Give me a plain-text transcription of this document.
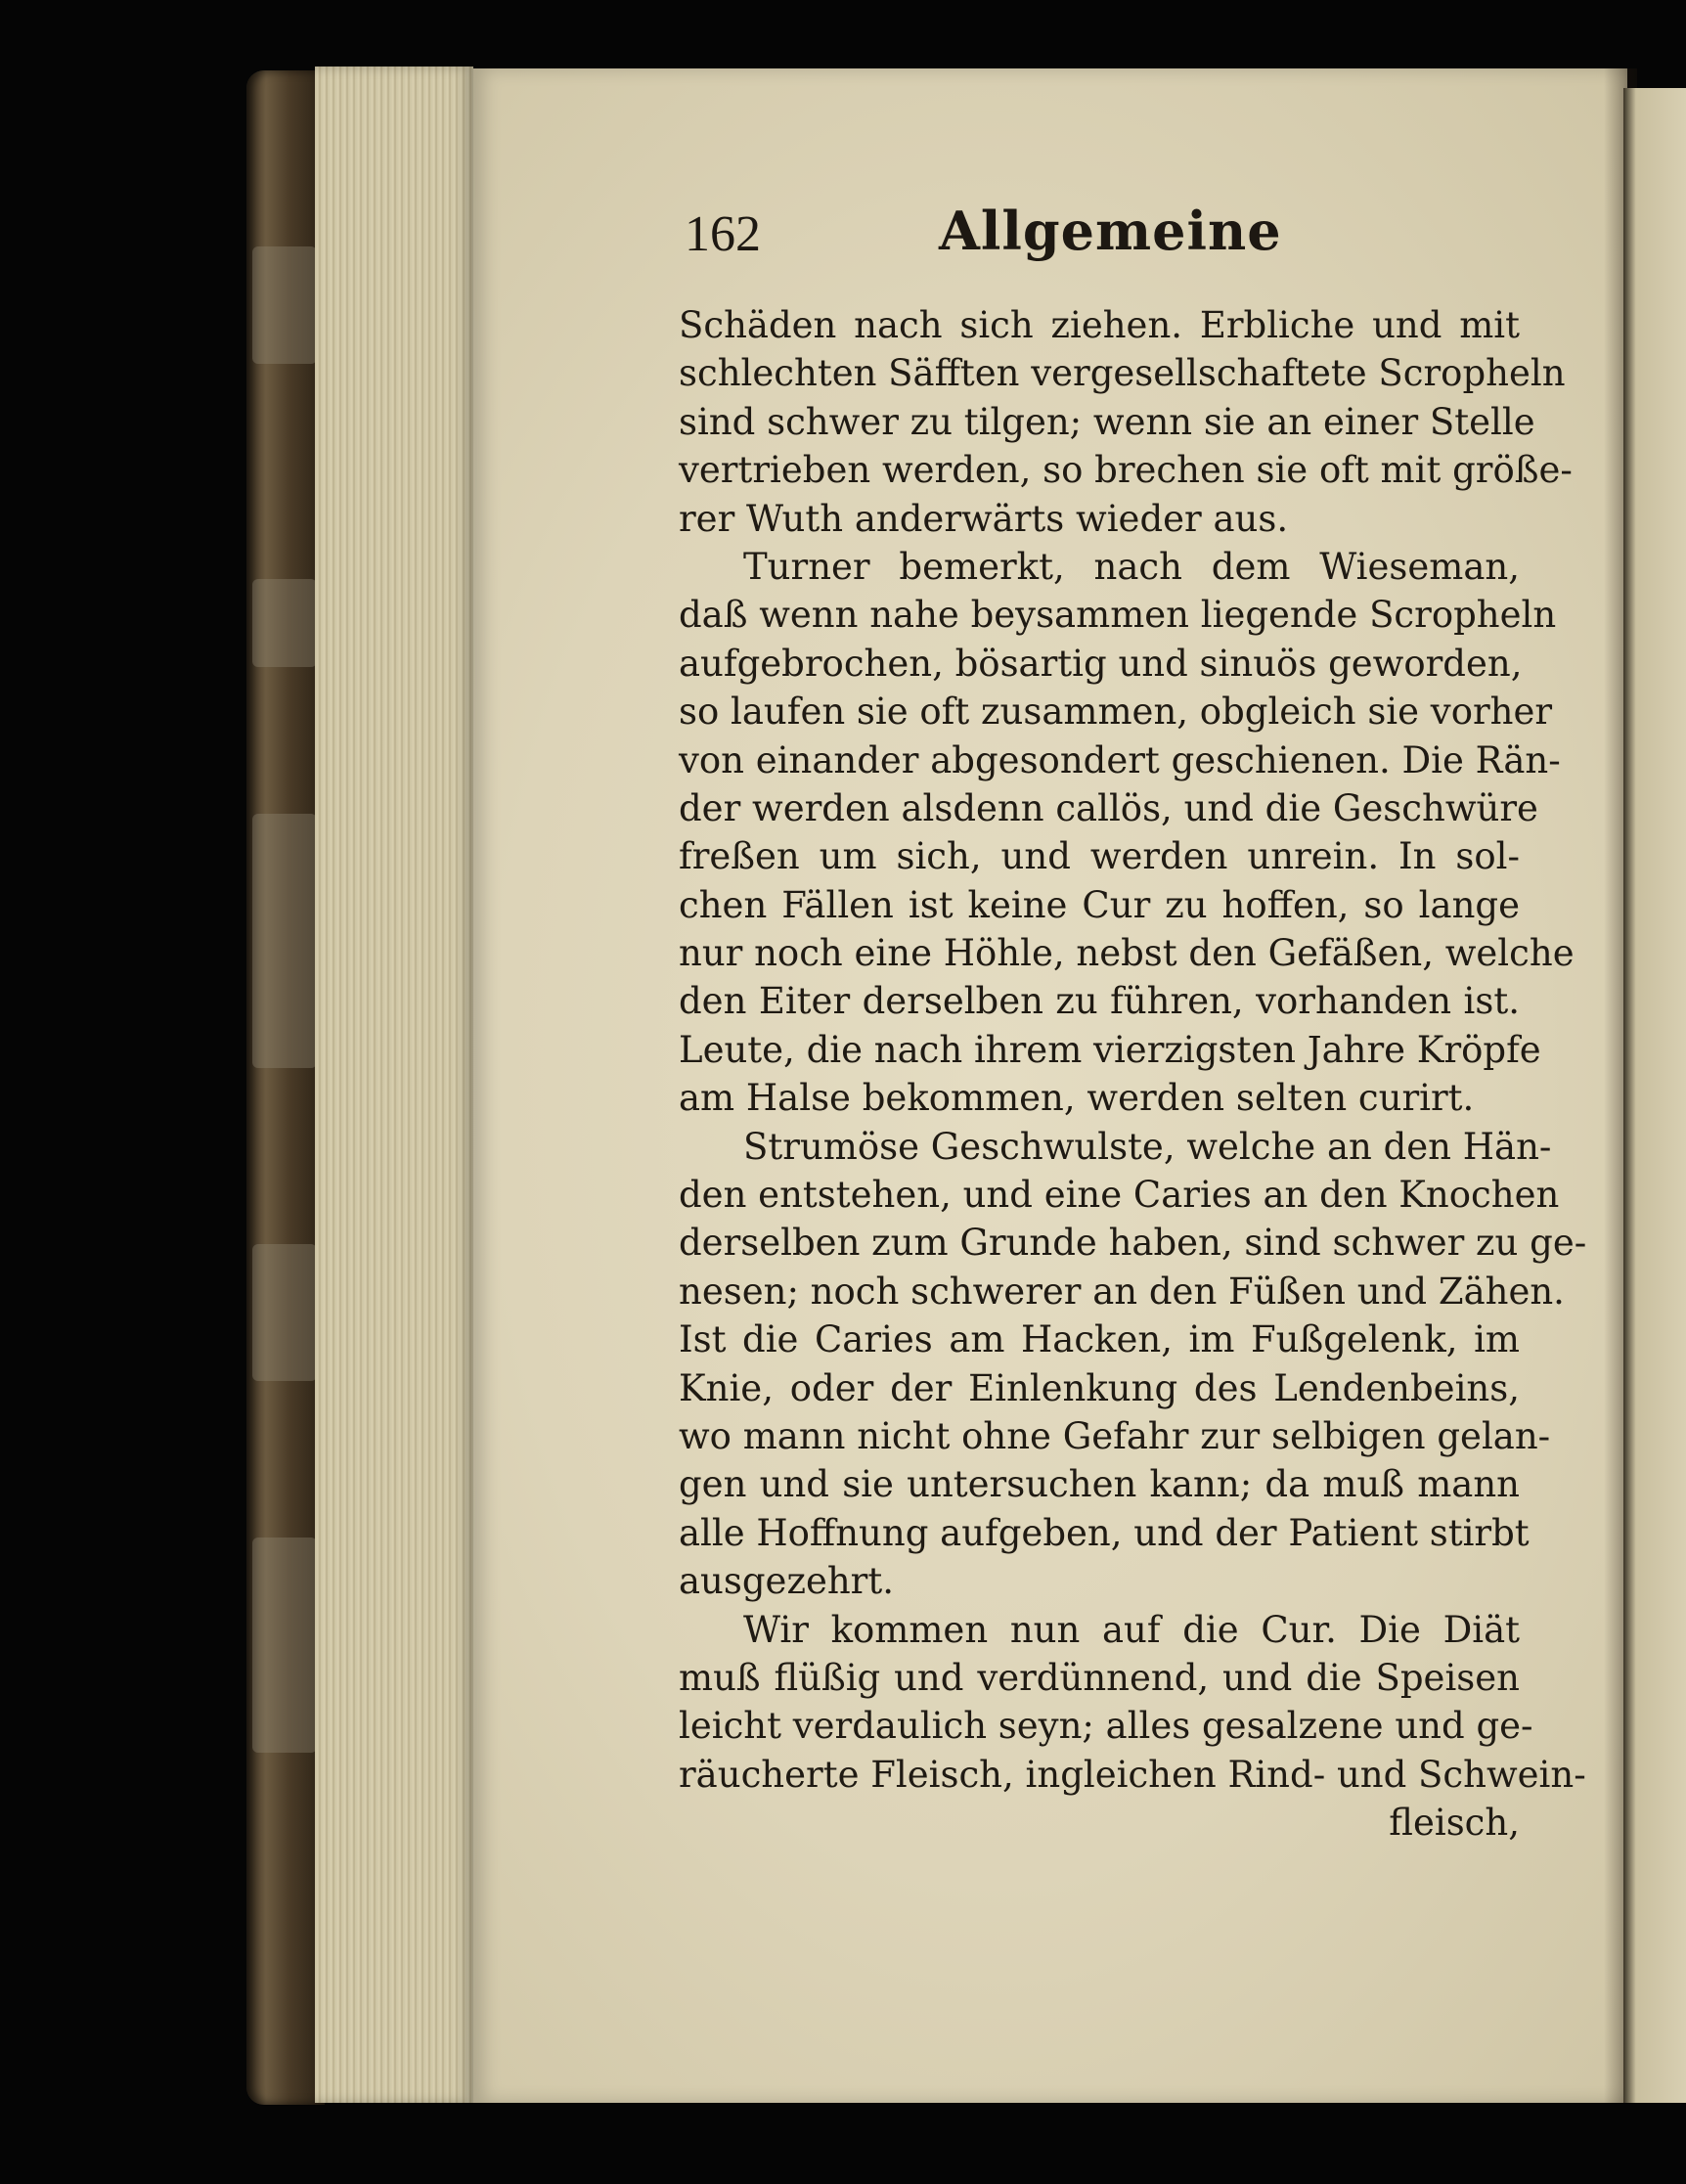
162	Allgemeine
Schäden nach sich ziehen. Erbliche und mit
schlechten Säfften vergesellschaftete Scropheln
sind schwer zu tilgen; wenn sie an einer Stelle
vertrieben werden, so brechen sie oft mit größe-
rer Wuth anderwärts wieder aus.
Turner bemerkt, nach dem Wieseman,
daß wenn nahe beysammen liegende Scropheln
aufgebrochen, bösartig und sinuös geworden,
so laufen sie oft zusammen, obgleich sie vorher
von einander abgesondert geschienen. Die Rän-
der werden alsdenn callös, und die Geschwüre
freßen um sich, und werden unrein. In sol-
chen Fällen ist keine Cur zu hoffen, so lange
nur noch eine Höhle, nebst den Gefäßen, welche
den Eiter derselben zu führen, vorhanden ist.
Leute, die nach ihrem vierzigsten Jahre Kröpfe
am Halse bekommen, werden selten curirt.
Strumöse Geschwulste, welche an den Hän-
den entstehen, und eine Caries an den Knochen
derselben zum Grunde haben, sind schwer zu ge-
nesen; noch schwerer an den Füßen und Zähen.
Ist die Caries am Hacken, im Fußgelenk, im
Knie, oder der Einlenkung des Lendenbeins,
wo mann nicht ohne Gefahr zur selbigen gelan-
gen und sie untersuchen kann; da muß mann
alle Hoffnung aufgeben, und der Patient stirbt
ausgezehrt.
Wir kommen nun auf die Cur. Die Diät
muß flüßig und verdünnend, und die Speisen
leicht verdaulich seyn; alles gesalzene und ge-
räucherte Fleisch, ingleichen Rind- und Schwein-
fleisch,
